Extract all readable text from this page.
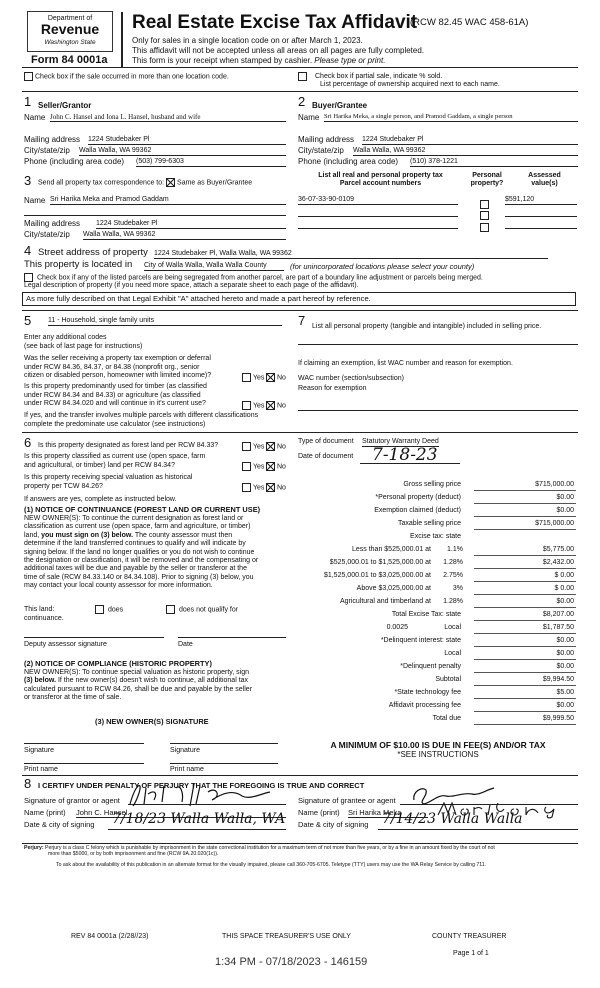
Department of
Revenue
Washington State
Form 84 0001a
Real Estate Excise Tax Affidavit
(RCW 82.45 WAC 458-61A)
Only for sales in a single location code on or after March 1, 2023.
This affidavit will not be accepted unless all areas on all pages are fully completed.
This form is your receipt when stamped by cashier. Please type or print.
Check box if the sale occurred in more than one location code.	Check box if partial sale, indicate % sold.
List percentage of ownership acquired next to each name.
1 Seller/Grantor
Name John C. Hansel and Iona L. Hansel, husband and wife
Mailing address 1224 Studebaker Pl
City/state/zip Walla Walla, WA 99362
Phone (including area code) (503) 799-6303
2 Buyer/Grantee
Name Sri Harika Meka, a single person, and Pramod Gaddam, a single person
Mailing address 1224 Studebaker Pl
City/state/zip Walla Walla, WA 99362
Phone (including area code) (510) 378-1221
3 Send all property tax correspondence to: Same as Buyer/Grantee
Name Sri Harika Meka and Pramod Gaddam
Mailing address 1224 Studebaker Pl
City/state/zip Walla Walla, WA 99362
List all real and personal property tax
Parcel account numbers
Personal
property?
Assessed
value(s)
36-07-33-90-0109	$591,120
4 Street address of property 1224 Studebaker Pl, Walla Walla, WA 99362
This property is located in City of Walla Walla, Walla Walla County	(for unincorporated locations please select your county)
Check box if any of the listed parcels are being segregated from another parcel, are part of a boundary line adjustment or parcels being merged.
Legal description of property (if you need more space, attach a separate sheet to each page of the affidavit).
As more fully described on that Legal Exhibit "A" attached hereto and made a part hereof by reference.
5 11 - Household, single family units
Enter any additional codes
(see back of last page for instructions)
Was the seller receiving a property tax exemption or deferral
under RCW 84.36, 84.37, or 84.38 (nonprofit org., senior
citizen or disabled person, homeowner with limited income)?	Yes	No
Is this property predominantly used for timber (as classified
under RCW 84.34 and 84.33) or agriculture (as classified
under RCW 84.34.020 and will continue in it's current use?	Yes	No
If yes, and the transfer involves multiple parcels with different classifications
complete the predominate use calculator (see instructions)
7 List all personal property (tangible and intangible) included in selling price.
If claiming an exemption, list WAC number and reason for exemption.
WAC number (section/subsection)
Reason for exemption
6 Is this property designated as forest land per RCW 84.33?	Yes	No
Is this property classified as current use (open space, farm
and agricultural, or timber) land per RCW 84.34?	Yes	No
Is this property receiving special valuation as historical
property per TCW 84.26?	Yes	No
If answers are yes, complete as instructed below.
(1) NOTICE OF CONTINUANCE (FOREST LAND OR CURRENT USE)
NEW OWNER(S): To continue the current designation as forest land or
classification as current use (open space, farm and agriculture, or timber)
land, you must sign on (3) below. The county assessor must then
determine if the land transferred continues to qualify and will indicate by
signing below. If the land no longer qualifies or you do not wish to continue
the designation or classification, it will be removed and the compensating or
additional taxes will be due and payable by the seller or transferor at the
time of sale (RCW 84.33.140 or 84.34.108). Prior to signing (3) below, you
may contact your local county assessor for more information.
This land:
continuance.
does	does not qualify for
Deputy assessor signature	Date
(2) NOTICE OF COMPLIANCE (HISTORIC PROPERTY)
NEW OWNER(S): To continue special valuation as historic property, sign
(3) below. If the new owner(s) doesn't wish to continue, all additional tax
calculated pursuant to RCW 84.26, shall be due and payable by the seller
or transferor at the time of sale.
(3) NEW OWNER(S) SIGNATURE
Signature	Signature
Print name	Print name
Type of document Statutory Warranty Deed
Date of document 7-18-23
Gross selling price	$715,000.00
*Personal property (deduct)	$0.00
Exemption claimed (deduct)	$0.00
Taxable selling price	$715,000.00
Excise tax: state
Less than $525,000.01 at 1.1%	$5,775.00
$525,000.01 to $1,525,000.00 at 1.28%	$2,432.00
$1,525,000.01 to $3,025,000.00 at 2.75%	$ 0.00
Above $3,025,000.00 at	3%	$ 0.00
Agricultural and timberland at 1.28%	$0.00
Total Excise Tax: state	$8,207.00
0.0025	Local	$1,787.50
*Delinquent interest: state	$0.00
Local	$0.00
*Delinquent penalty	$0.00
Subtotal	$9,994.50
*State technology fee	$5.00
Affidavit processing fee	$0.00
Total due	$9,999.50
A MINIMUM OF $10.00 IS DUE IN FEE(S) AND/OR TAX
*SEE INSTRUCTIONS
8 I CERTIFY UNDER PENALTY OF PERJURY THAT THE FOREGOING IS TRUE AND CORRECT
Signature of grantor or agent
Name (print) John C. Hansel
Date & city of signing 7/18/23 Walla Walla, WA
Signature of grantee or agent
Name (print) Sri Harika Meka
Date & city of signing 7/14/23 Walla Walla
Perjury: Perjury is a class C felony which is punishable by imprisonment in the state correctional institution for a maximum term of not more than five years, or by a fine in an amount fixed by the court of not
more than $5000, or by both imprisonment and fine (RCW 9A.20.020(1c)).
To ask about the availability of this publication in an alternate format for the visually impaired, please call 360-705-6705. Teletype (TTY) users may use the WA Relay Service by calling 711.
REV 84 0001a (2/28//23)	THIS SPACE TREASURER'S USE ONLY	COUNTY TREASURER
Page 1 of 1
1:34 PM - 07/18/2023 - 146159
